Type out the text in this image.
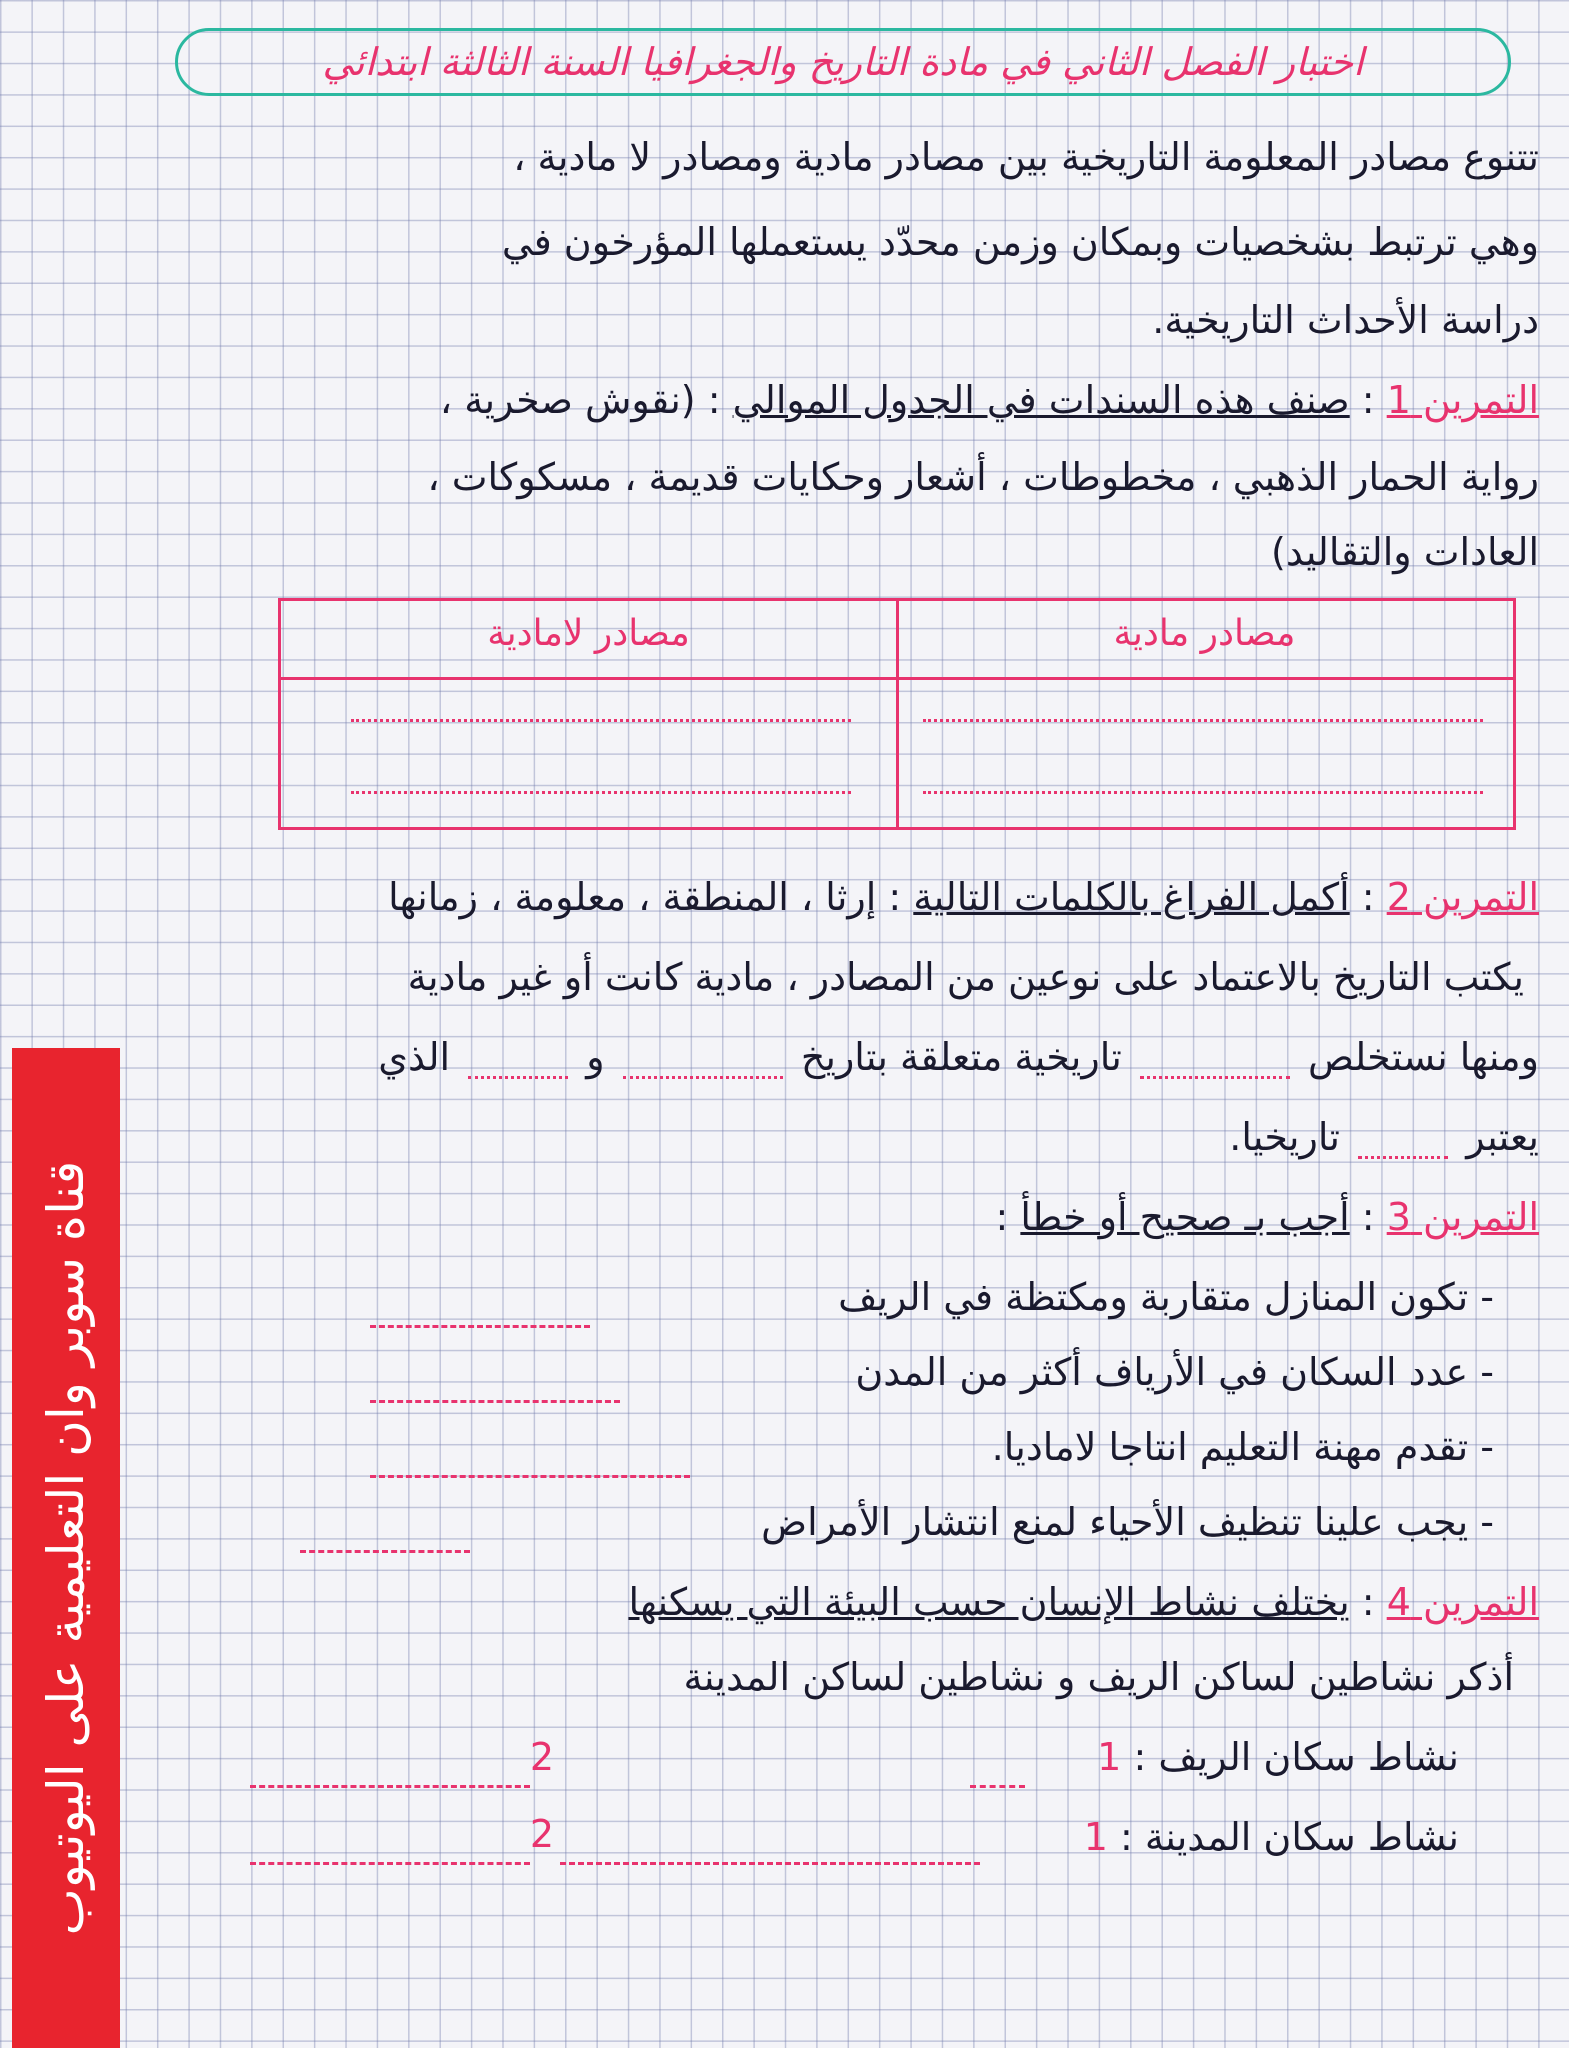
اختبار الفصل الثاني في مادة التاريخ والجغرافيا السنة الثالثة ابتدائي
تتنوع مصادر المعلومة التاريخية بين مصادر مادية ومصادر لا مادية ،
وهي ترتبط بشخصيات وبمكان وزمن محدّد يستعملها المؤرخون في
دراسة الأحداث التاريخية.
التمرين 1 : صنف هذه السندات في الجدول الموالي : (نقوش صخرية ،
رواية الحمار الذهبي ، مخطوطات ، أشعار وحكايات قديمة ، مسكوكات ،
العادات والتقاليد)
مصادر مادية
مصادر لامادية
التمرين 2 : أكمل الفراغ بالكلمات التالية : إرثا ، المنطقة ، معلومة ، زمانها
يكتب التاريخ بالاعتماد على نوعين من المصادر ، مادية كانت أو غير مادية
ومنها نستخلص  تاريخية متعلقة بتاريخ  و  الذي
يعتبر  تاريخيا.
التمرين 3 : أجب بـ صحيح أو خطأ :
- تكون المنازل متقاربة ومكتظة في الريف
- عدد السكان في الأرياف أكثر من المدن
- تقدم مهنة التعليم انتاجا لاماديا.
- يجب علينا تنظيف الأحياء لمنع انتشار الأمراض
التمرين 4 : يختلف نشاط الإنسان حسب البيئة التي يسكنها
أذكر نشاطين لساكن الريف و نشاطين لساكن المدينة
نشاط سكان الريف : 1
2
نشاط سكان المدينة : 1
2
قناة سوبر وان التعليمية على اليوتيوب
